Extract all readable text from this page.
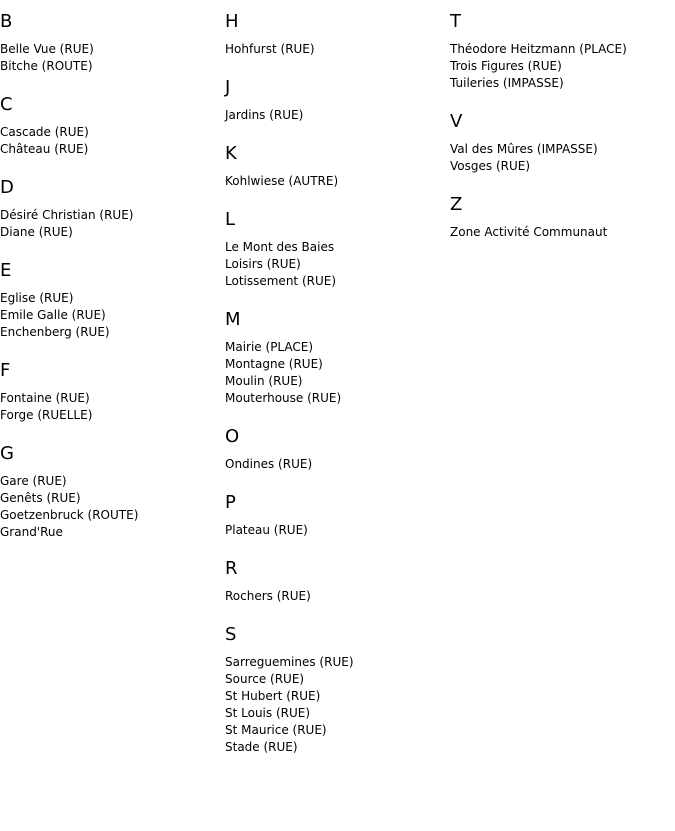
B
Belle Vue (RUE)
Bitche (ROUTE)
C
Cascade (RUE)
Château (RUE)
D
Désiré Christian (RUE)
Diane (RUE)
E
Eglise (RUE)
Emile Galle (RUE)
Enchenberg (RUE)
F
Fontaine (RUE)
Forge (RUELLE)
G
Gare (RUE)
Genêts (RUE)
Goetzenbruck (ROUTE)
Grand'Rue
H
Hohfurst (RUE)
J
Jardins (RUE)
K
Kohlwiese (AUTRE)
L
Le Mont des Baies
Loisirs (RUE)
Lotissement (RUE)
M
Mairie (PLACE)
Montagne (RUE)
Moulin (RUE)
Mouterhouse (RUE)
O
Ondines (RUE)
P
Plateau (RUE)
R
Rochers (RUE)
S
Sarreguemines (RUE)
Source (RUE)
St Hubert (RUE)
St Louis (RUE)
St Maurice (RUE)
Stade (RUE)
T
Théodore Heitzmann (PLACE)
Trois Figures (RUE)
Tuileries (IMPASSE)
V
Val des Mûres (IMPASSE)
Vosges (RUE)
Z
Zone Activité Communaut
